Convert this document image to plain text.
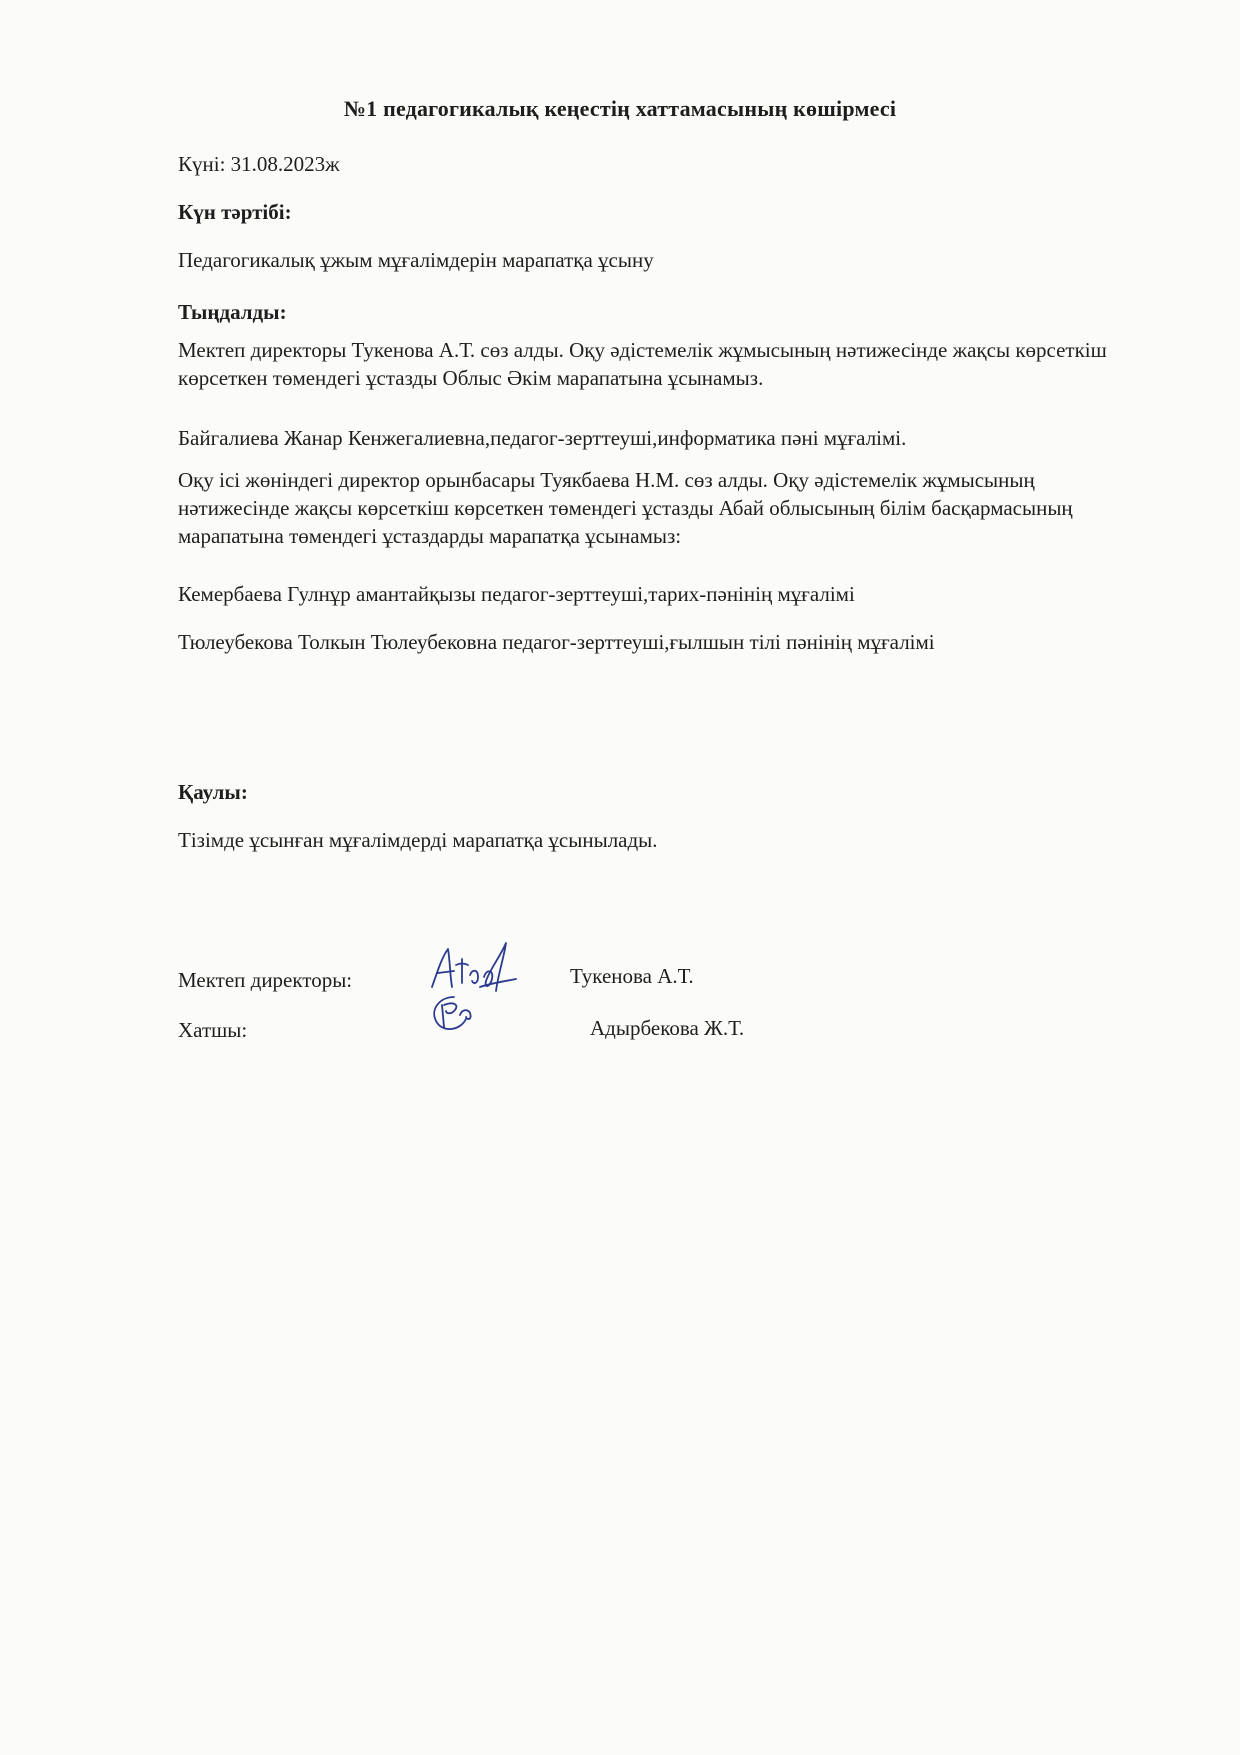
№1 педагогикалық кеңестің хаттамасының көшірмесі
Күні: 31.08.2023ж
Күн тәртібі:
Педагогикалық ұжым мұғалімдерін марапатқа ұсыну
Тыңдалды:
Мектеп директоры Тукенова А.Т. сөз алды. Оқу әдістемелік жұмысының нәтижесінде жақсы көрсеткіш көрсеткен төмендегі ұстазды Облыс Әкім марапатына ұсынамыз.
Байгалиева Жанар Кенжегалиевна,педагог-зерттеуші,информатика пәні мұғалімі.
Оқу ісі жөніндегі директор орынбасары Туякбаева Н.М. сөз алды. Оқу әдістемелік жұмысының нәтижесінде жақсы көрсеткіш көрсеткен төмендегі ұстазды Абай облысының білім басқармасының марапатына төмендегі ұстаздарды марапатқа ұсынамыз:
Кемербаева Гулнұр амантайқызы педагог-зерттеуші,тарих-пәнінің мұғалімі
Тюлеубекова Толкын Тюлеубековна педагог-зерттеуші,ғылшын тілі пәнінің мұғалімі
Қаулы:
Тізімде ұсынған мұғалімдерді марапатқа ұсынылады.
Мектеп директоры:	Тукенова А.Т.
Хатшы:	Адырбекова Ж.Т.
